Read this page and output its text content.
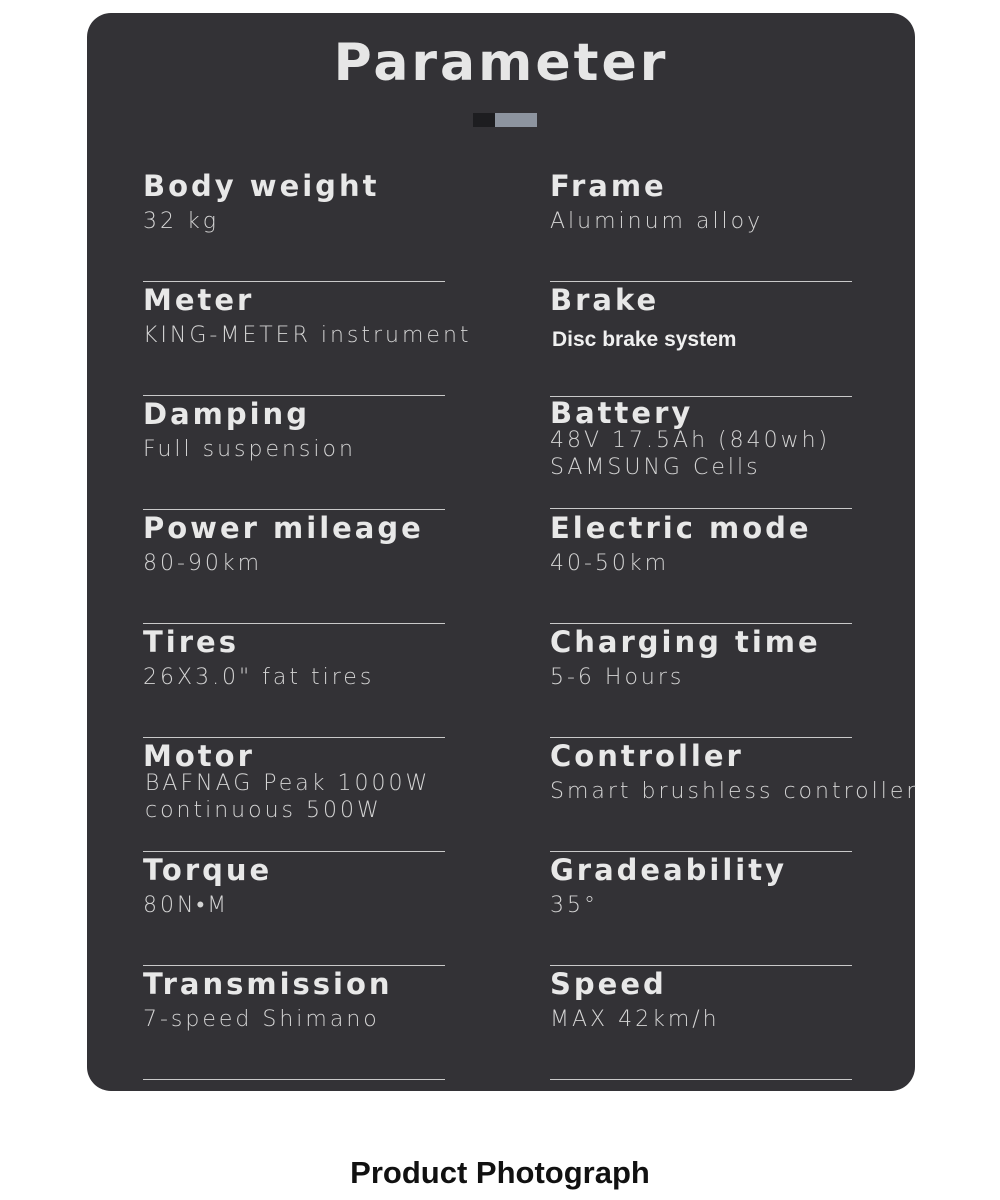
Parameter
Body weight
32 kg
Frame
Aluminum alloy
Meter
KING-METER instrument
Brake
Disc brake system
Damping
Full suspension
Battery
48V 17.5Ah (840wh)
SAMSUNG Cells
Power mileage
80-90km
Electric mode
40-50km
Tires
26X3.0" fat tires
Charging time
5-6 Hours
Motor
BAFNAG Peak 1000W
continuous 500W
Controller
Smart brushless controller
Torque
80N•M
Gradeability
35°
Transmission
7-speed Shimano
Speed
MAX 42km/h
Product Photograph
